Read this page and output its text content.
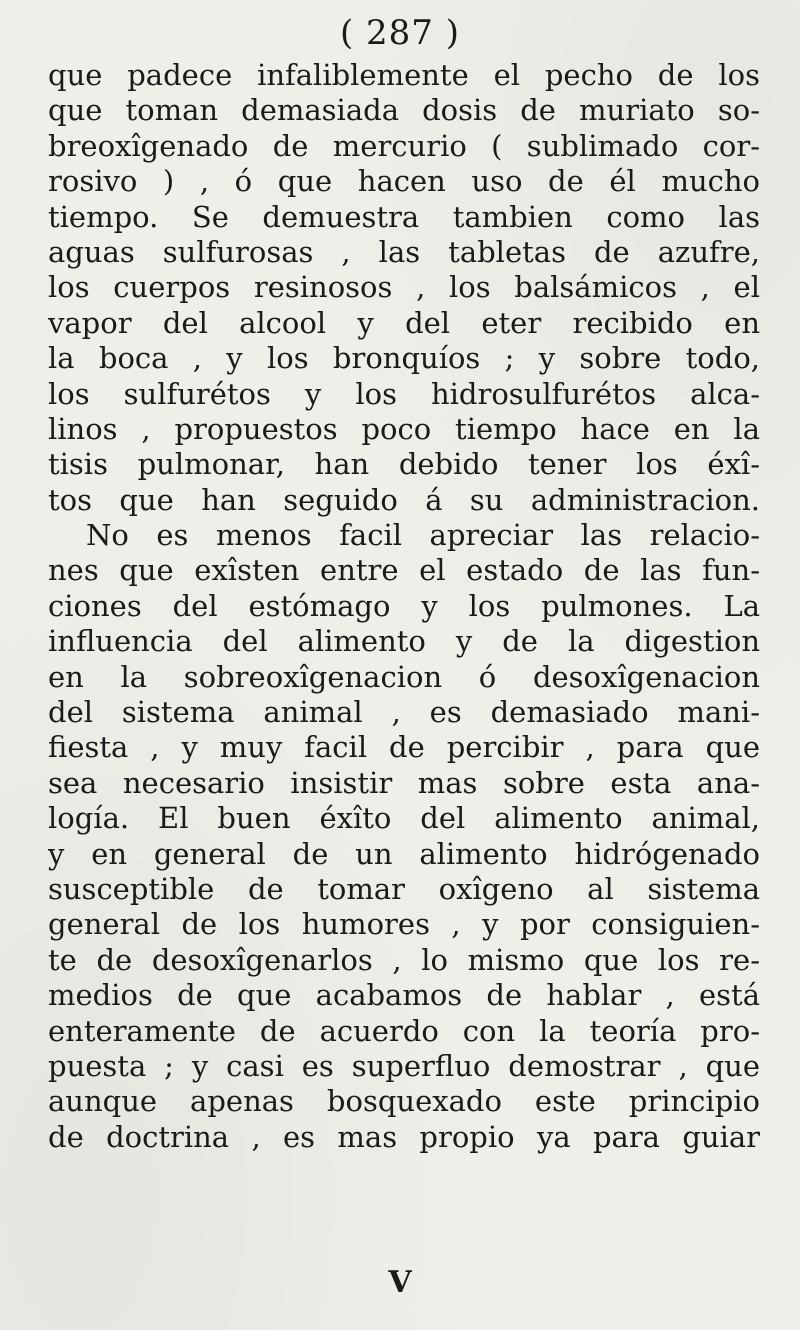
( 287 )
que padece infaliblemente el pecho de los
que toman demasiada dosis de muriato so-
breoxîgenado de mercurio ( sublimado cor-
rosivo ) , ó que hacen uso de él mucho
tiempo. Se demuestra tambien como las
aguas sulfurosas , las tabletas de azufre,
los cuerpos resinosos , los balsámicos , el
vapor del alcool y del eter recibido en
la boca , y los bronquíos ; y sobre todo,
los sulfurétos y los hidrosulfurétos alca-
linos , propuestos poco tiempo hace en la
tisis pulmonar, han debido tener los éxî-
tos que han seguido á su administracion.
No es menos facil apreciar las relacio-
nes que exîsten entre el estado de las fun-
ciones del estómago y los pulmones. La
influencia del alimento y de la digestion
en la sobreoxîgenacion ó desoxîgenacion
del sistema animal , es demasiado mani-
fiesta , y muy facil de percibir , para que
sea necesario insistir mas sobre esta ana-
logía. El buen éxîto del alimento animal,
y en general de un alimento hidrógenado
susceptible de tomar oxîgeno al sistema
general de los humores , y por consiguien-
te de desoxîgenarlos , lo mismo que los re-
medios de que acabamos de hablar , está
enteramente de acuerdo con la teoría pro-
puesta ; y casi es superfluo demostrar , que
aunque apenas bosquexado este principio
de doctrina , es mas propio ya para guiar
V
